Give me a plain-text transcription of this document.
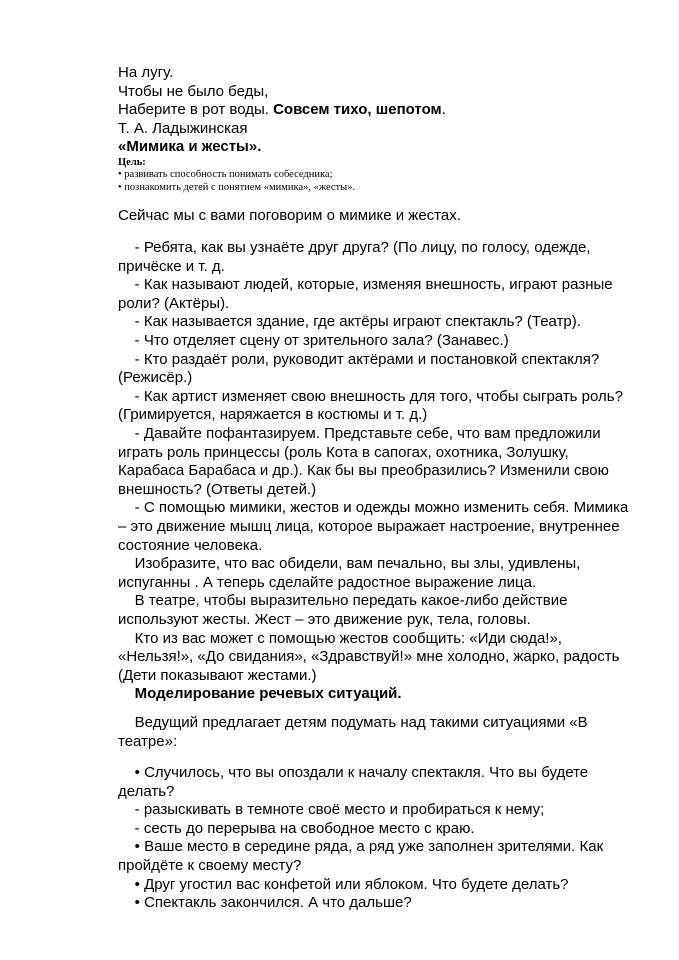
На лугу.
Чтобы не было беды,
Наберите в рот воды. Совсем тихо, шепотом.
Т. А. Ладыжинская
«Мимика и жесты».
Цель:
• развивать способность понимать собеседника;
• познакомить детей с понятием «мимика», «жесты».
Сейчас мы с вами поговорим о мимике и жестах.
- Ребята, как вы узнаёте друг друга? (По лицу, по голосу, одежде,
причёске и т. д.
- Как называют людей, которые, изменяя внешность, играют разные
роли? (Актёры).
- Как называется здание, где актёры играют спектакль? (Театр).
- Что отделяет сцену от зрительного зала? (Занавес.)
- Кто раздаёт роли, руководит актёрами и постановкой спектакля?
(Режисёр.)
- Как артист изменяет свою внешность для того, чтобы сыграть роль?
(Гримируется, наряжается в костюмы и т. д.)
- Давайте пофантазируем. Представьте себе, что вам предложили
играть роль принцессы (роль Кота в сапогах, охотника, Золушку,
Карабаса Барабаса и др.). Как бы вы преобразились? Изменили свою
внешность? (Ответы детей.)
- С помощью мимики, жестов и одежды можно изменить себя. Мимика
– это движение мышц лица, которое выражает настроение, внутреннее
состояние человека.
Изобразите, что вас обидели, вам печально, вы злы, удивлены,
испуганны . А теперь сделайте радостное выражение лица.
В театре, чтобы выразительно передать какое-либо действие
используют жесты. Жест – это движение рук, тела, головы.
Кто из вас может с помощью жестов сообщить: «Иди сюда!»,
«Нельзя!», «До свидания», «Здравствуй!» мне холодно, жарко, радость
(Дети показывают жестами.)
Моделирование речевых ситуаций.
Ведущий предлагает детям подумать над такими ситуациями «В
театре»:
• Случилось, что вы опоздали к началу спектакля. Что вы будете
делать?
- разыскивать в темноте своё место и пробираться к нему;
- сесть до перерыва на свободное место с краю.
• Ваше место в середине ряда, а ряд уже заполнен зрителями. Как
пройдёте к своему месту?
• Друг угостил вас конфетой или яблоком. Что будете делать?
• Спектакль закончился. А что дальше?
